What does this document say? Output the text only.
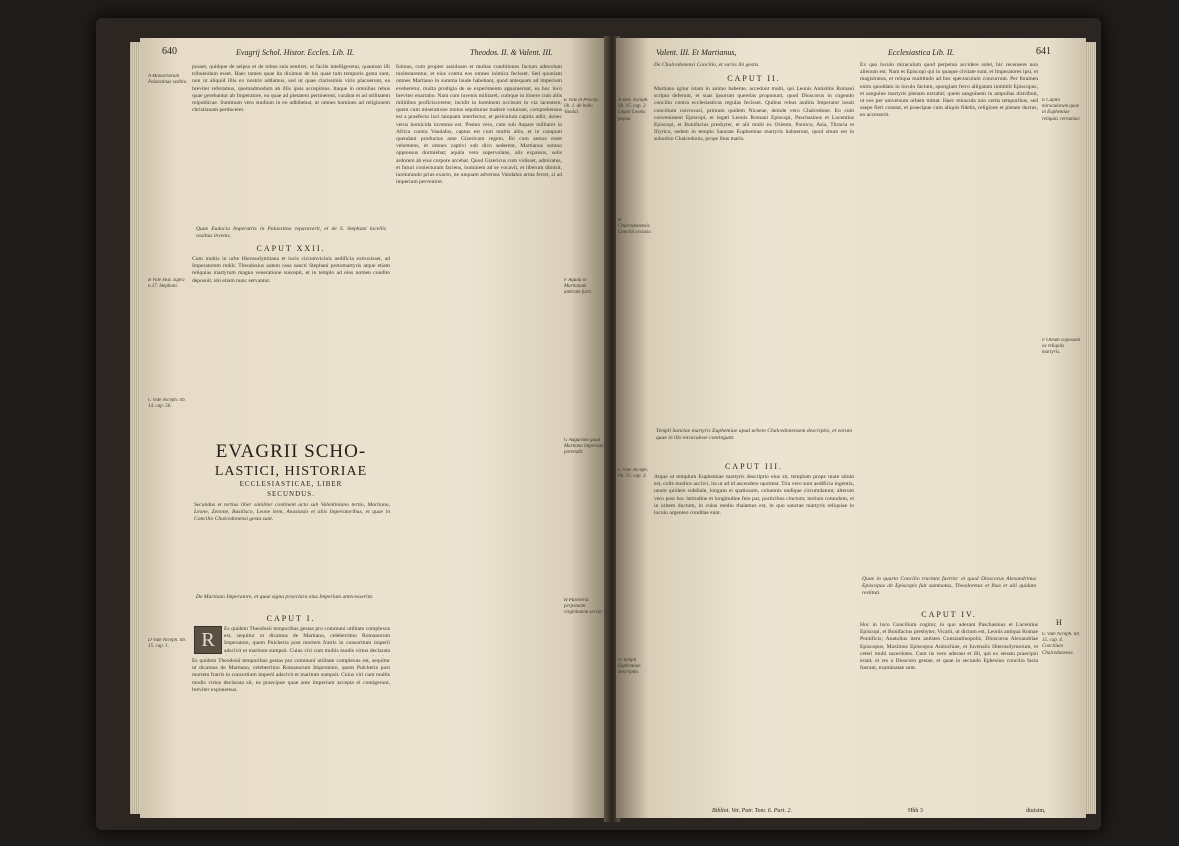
640	Evagrij Schol. Histor. Eccles. Lib. II.	Theodos. II. & Valent. III.
A Monachorum Palaestinae seditio.
posset, quidque de seipso et de rebus suis sentiret, ut facile intelligeretur, quantum illi tribuendum esset. Haec tamen quae ita diximus de his quae tum temporis gesta sunt, non ut aliquid illis ex nostris addamus, sed ut quae clarissimis viris placuerunt, ea breviter referamus, quemadmodum ab illis ipsis accepimus. Itaque in omnibus rebus quae gerebantur ab Imperatore, ea quae ad pietatem pertinerent, curabat et ad utilitatem reipublicae. Summum vero studium in eo adhibebat, ut omnes homines ad religionem christianam perduceret.
Quae Eudocia Imperatrix in Palaestina reparaverit, et de S. Stephani locellis ossibus invenis.
CAPUT XXII.
B Vide Hist. supra n.17. Stephani.
Cum multis in urbe Hierosolymitana et locis circumvicinis aedificia extruxisset, ad Imperatorem rediit. Theodosius autem ossa sancti Stephani protomartyris atque etiam reliquias martyrum magna veneratione suscepit, et in templo ad eius nomen condito deposuit, ubi etiam nunc servantur.
C Vide Niceph. lib. 14. cap. 50.
EVAGRII SCHO-
LASTICI, HISTORIAE
ECCLESIASTICAE, LIBER
SECUNDUS.
Secundus et tertius liber similiter continent acta sub Valentiniano tertio, Martiano, Leone, Zenone, Basilisco, Leone item, Anastasio et aliis Imperatoribus, et quae in Concilio Chalcedonensi gesta sunt.
De Martiano Imperatore, et quae signa praeclara eius Imperium antecesserint.
CAPUT I.
R	Es quidem Theodosii temporibus gestas pro communi utilitate complexus est, sequitur ut dicamus de Martiano, celeberrimo Romanorum Imperatore, quem Pulcheria post mortem fratris in consortium imperii adscivit et maritum sumpsit. Cuius viri cum multis modis virtus declarata
Es quidem Theodosii temporibus gestas pro communi utilitate complexus est, sequitur ut dicamus de Martiano, celeberrimo Romanorum Imperatore, quem Pulcheria post mortem fratris in consortium imperii adscivit et maritum sumpsit. Cuius viri cum multis modis virtus declarata sit, ea praecipue quae ante imperium accepta ei contigerunt, breviter exponemus.
D Vide Niceph. lib. 15. cap. 1.
fuimus, cum propter assiduam et multas conditiones factum admodum molestarentur, et eius contra eos omnes inimica fecisset. Sed quoniam omnes Martiano in summa laude habebant, quod antequam ad imperium eveheretur, multa prodigia de se experimento apparuerunt, ea hoc loco breviter enarrabo. Nam cum iuvenis militaret, cumque in itinere cum aliis militibus proficisceretur, incidit in hominem occisum in via iacentem; quem cum miseratione motus sepulturae tradere voluisset, comprehensus est a praefecto loci tanquam interfector, et periculum capitis adiit, donec verus homicida inventus est. Postea vero, cum sub Aspare militaret in Africa contra Vandalos, captus est cum multis aliis, et in campum quendam productus ante Gizericum regem. Ibi cum aestus esset vehemens, et omnes captivi sub divo sederent, Martianus somno oppressus dormiebat; aquila vero supervolans, alis expansis, solis ardorem ab eius corpore arcebat. Quod Gizericus cum vidisset, admiratus, et futuri coniecturam faciens, hominem ad se vocavit, et liberum dimisit, iureiurando prius exacto, ne unquam adversus Vandalos arma ferret, si ad imperium perveniret.
E Vide et Procop. lib. 1. de bello Vandal.
F Aquila in Martianum umbram facit.
G Augurium quod Martiano imperium portendit.
H Pulcheria perpetuam virginitatem servat.
Valent. III. Et Martianus,	Ecclesiastica Lib. II.	641
De Chalcedonensi Concilio, et variis ibi gestis.
CAPUT II.
A Hist. Niceph. lib. 15. cap. 2. Legati Leonis papae.
Martiano igitur istam in animo habente, accedunt multi, qui Leonis Antistitis Romani scripta deferunt, et suas ipsorum querelas proponunt, quod Dioscorus in cogendo concilio contra ecclesiasticas regulas fecisset. Quibus rebus auditis Imperator iussit concilium convocari, primum quidem Nicaeae, deinde vero Chalcedone. Eo cum convenissent Episcopi, et legati Leonis Romani Episcopi, Paschasinus et Lucentius Episcopi, et Bonifacius presbyter, et alii multi ex Oriente, Pontico, Asia, Thracia et Illyrico, sedem in templo Sanctae Euphemiae martyris habuerunt, quod situm est in suburbio Chalcedonis, prope litus maris.
B Chalcedonensis Concilii occasio.
Templi Sanctae martyris Euphemiae apud urbem Chalcedonensem descriptio, et eorum quae in illo miraculose contingunt.
CAPUT III.
C Vide Niceph. lib. 15. cap. 3.	Atque ut templum Euphemiae martyris descriptio eius sit, templum prope mare situm est, colle modice acclivi, ita ut ad id ascendere oporteat. Tria vero sunt aedificia ingentia, unum quidem subdiale, longum et spatiosum, columnis undique circumdatum; alterum vero post hoc latitudine et longitudine fere par, porticibus cinctum; tertium rotundum, et in orbem ductum, in cuius medio thalamus est, in quo sanctae martyris reliquiae in loculo argenteo conditae sunt.
D Templi Euphemiae descriptio.
Ex quo loculo miraculum quod perpetuo accidere solet, hic recensere non alienum est. Nam et Episcopi qui in quaque civitate sunt, et Imperatores ipsi, et magistratus, et reliqua multitudo ad hoc spectaculum concurrunt. Per foramen enim quoddam in loculo factum, spongiam ferro alligatam immittit Episcopus, et sanguine martyris plenam extrahit; quem sanguinem in ampullas distribuit, ut eos per universum orbem mittat. Haec miracula non certis temporibus, sed saepe fieri constat, et praecipue cum aliquis fidelis, religione et pietate ductus, eo accesserit.
E Capita miraculorum quae in Euphemiae reliquiis cernuntur.
F Oleum copiosum ex reliquiis martyris.
Quae in quarto Concilio tractata fuerint: et quod Dioscorus Alexandrinus Episcopus ab Episcopis fuit summotus, Theodoretus et Ibas et alii quidam restituti.
CAPUT IV.
Hoc in loco Concilium cogitur, in quo aderant Paschasinus et Lucentius Episcopi, et Bonifacius presbyter, Vicarii, ut dictum est, Leonis antiqua Romae Pontificis; Anatolius item antistes Constantinopolis, Dioscorus Alexandriae Episcopus, Maximus Episcopus Antiochiae, et Iuvenalis Hierosolymorum, et ceteri multi sacerdotes. Cum iis vero aderant et illi, qui ex senatu praecipui erant; et res a Dioscoro gestae, et quae in secundo Ephesino concilio facta fuerant, examinatae sunt.
G Vide Niceph. lib. 15. cap. 4. Concilium Chalcedonense.
H
Bibliot. Vet. Patr. Tom. 6. Part. 2.	Hhh 3	diuisim,
